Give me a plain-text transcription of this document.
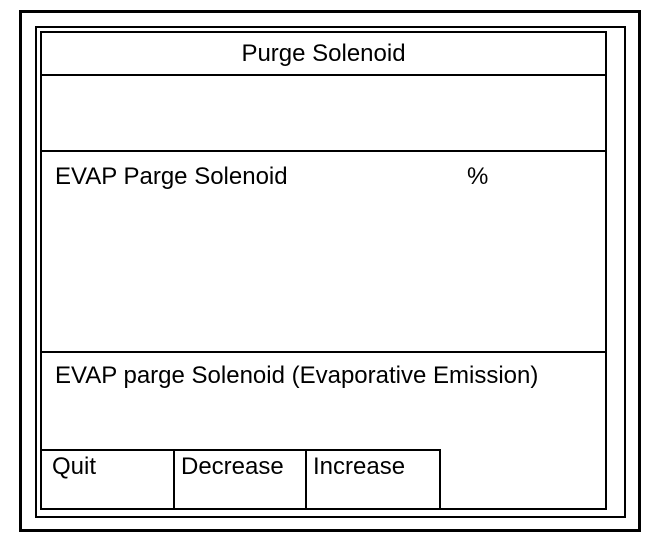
Purge Solenoid
EVAP Parge Solenoid	%
EVAP parge Solenoid (Evaporative Emission)
Quit	Decrease	Increase
